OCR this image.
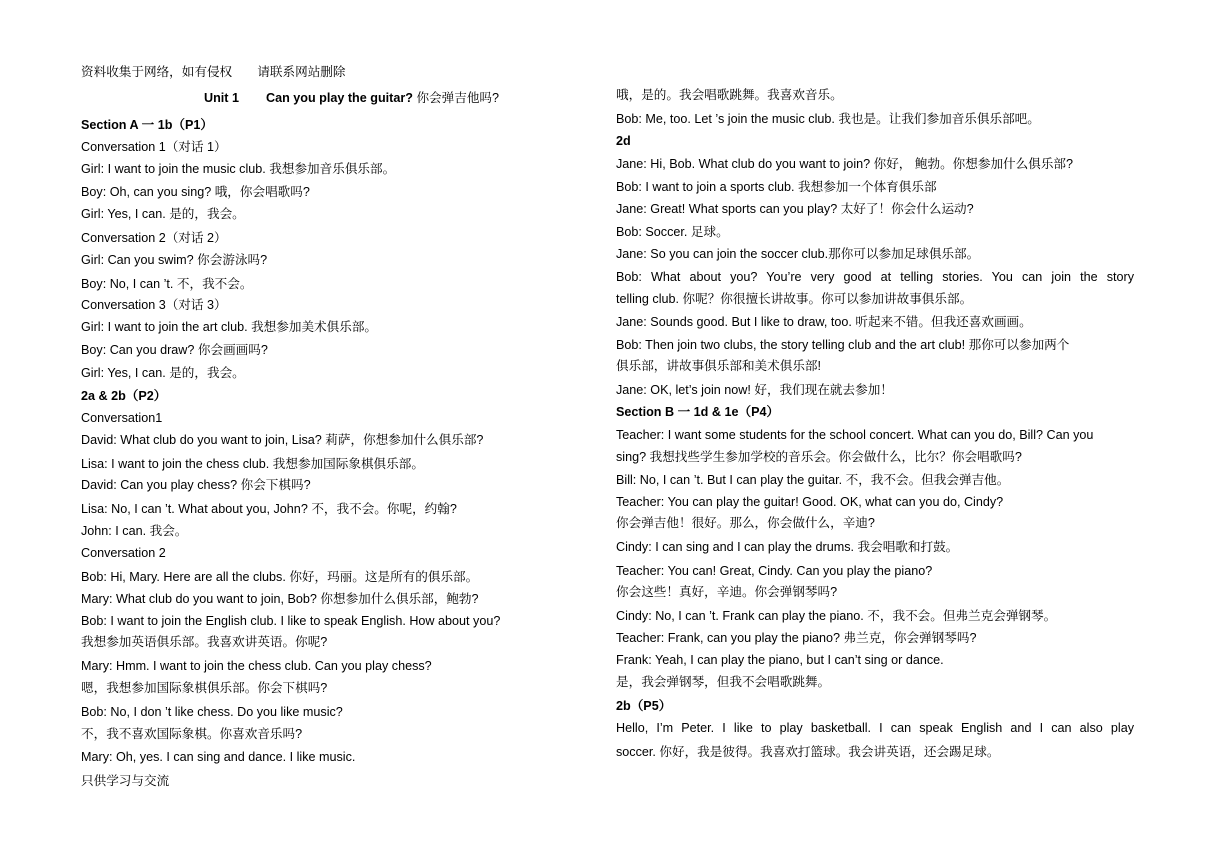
资料收集于网络，如有侵权　　请联系网站删除
Unit 1 Can you play the guitar? 你会弹吉他吗?
Section A 一 1b（P1）
Conversation 1（对话 1）
Girl: I want to join the music club. 我想参加音乐俱乐部。
Boy: Oh, can you sing? 哦，你会唱歌吗?
Girl: Yes, I can. 是的，我会。
Conversation 2（对话 2）
Girl: Can you swim? 你会游泳吗?
Boy: No, I can ’t. 不，我不会。
Conversation 3（对话 3）
Girl: I want to join the art club. 我想参加美术俱乐部。
Boy: Can you draw? 你会画画吗?
Girl: Yes, I can. 是的，我会。
2a & 2b（P2）
Conversation1
David: What club do you want to join, Lisa? 莉萨，你想参加什么俱乐部?
Lisa: I want to join the chess club. 我想参加国际象棋俱乐部。
David: Can you play chess? 你会下棋吗?
Lisa: No, I can ’t. What about you, John? 不，我不会。你呢，约翰?
John: I can. 我会。
Conversation 2
Bob: Hi, Mary. Here are all the clubs. 你好，玛丽。这是所有的俱乐部。
Mary: What club do you want to join, Bob? 你想参加什么俱乐部，鲍勃?
Bob: I want to join the English club. I like to speak English. How about you?
我想参加英语俱乐部。我喜欢讲英语。你呢?
Mary: Hmm. I want to join the chess club. Can you play chess?
嗯，我想参加国际象棋俱乐部。你会下棋吗?
Bob: No, I don ’t like chess. Do you like music?
不，我不喜欢国际象棋。你喜欢音乐吗?
Mary: Oh, yes. I can sing and dance. I like music.
哦，是的。我会唱歌跳舞。我喜欢音乐。
Bob: Me, too. Let ’s join the music club. 我也是。让我们参加音乐俱乐部吧。
2d
Jane: Hi, Bob. What club do you want to join? 你好， 鲍勃。你想参加什么俱乐部?
Bob: I want to join a sports club. 我想参加一个体育俱乐部
Jane: Great! What sports can you play? 太好了！你会什么运动?
Bob: Soccer. 足球。
Jane: So you can join the soccer club.那你可以参加足球俱乐部。
Bob: What about you? You’re very good at telling stories. You can join the story
telling club. 你呢？你很擅长讲故事。你可以参加讲故事俱乐部。
Jane: Sounds good. But I like to draw, too. 听起来不错。但我还喜欢画画。
Bob: Then join two clubs, the story telling club and the art club! 那你可以参加两个
俱乐部，讲故事俱乐部和美术俱乐部!
Jane: OK, let’s join now! 好，我们现在就去参加！
Section B 一 1d & 1e（P4）
Teacher: I want some students for the school concert. What can you do, Bill? Can you
sing? 我想找些学生参加学校的音乐会。你会做什么，比尔？你会唱歌吗?
Bill: No, I can ’t. But I can play the guitar. 不，我不会。但我会弹吉他。
Teacher: You can play the guitar! Good. OK, what can you do, Cindy?
你会弹吉他！很好。那么，你会做什么，辛迪?
Cindy: I can sing and I can play the drums. 我会唱歌和打鼓。
Teacher: You can! Great, Cindy. Can you play the piano?
你会这些！真好，辛迪。你会弹钢琴吗?
Cindy: No, I can ’t. Frank can play the piano. 不，我不会。但弗兰克会弹钢琴。
Teacher: Frank, can you play the piano? 弗兰克，你会弹钢琴吗?
Frank: Yeah, I can play the piano, but I can’t sing or dance.
是，我会弹钢琴，但我不会唱歌跳舞。
2b（P5）
Hello, I’m Peter. I like to play basketball. I can speak English and I can also play
soccer. 你好，我是彼得。我喜欢打篮球。我会讲英语，还会踢足球。
只供学习与交流
